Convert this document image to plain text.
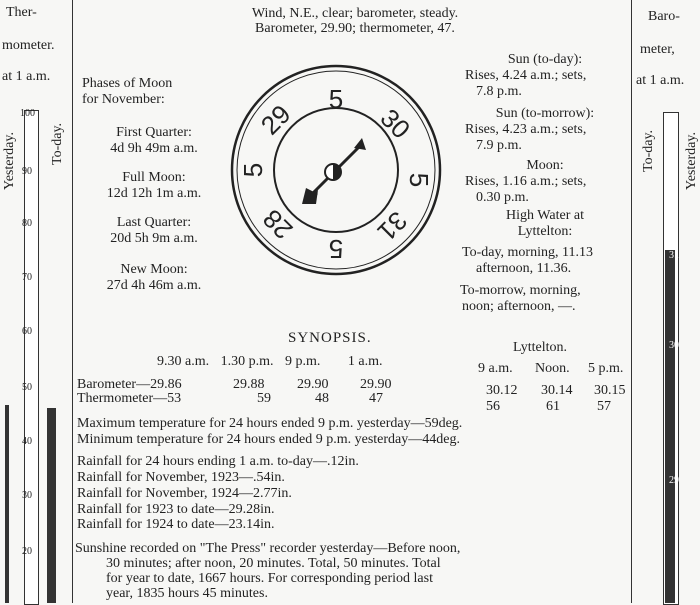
Ther-
mometer.
at 1 a.m.
Yesterday. To-day.
100
90
80
70
60
50
40
30
20
Baro-
meter,
at 1 a.m.
To-day. Yesterday.
31
30
29
Wind, N.E., clear; barometer, steady.
Barometer, 29.90; thermometer, 47.
Phases of Moon
for November:
First Quarter:
4d 9h 49m a.m.
Full Moon:
12d 12h 1m a.m.
Last Quarter:
20d 5h 9m a.m.
New Moon:
27d 4h 46m a.m.
5
30
5
31
5
28
5
29
Sun (to-day):
Rises, 4.24 a.m.; sets,
7.8 p.m.
Sun (to-morrow):
Rises, 4.23 a.m.; sets,
7.9 p.m.
Moon:
Rises, 1.16 a.m.; sets,
0.30 p.m.
High Water at
Lyttelton:
To-day, morning, 11.13
afternoon, 11.36.
To-morrow, morning,
noon; afternoon, —.
SYNOPSIS.
9.30 a.m. 1.30 p.m. 9 p.m. 1 a.m.
Barometer—29.86	29.88 29.90 29.90
Thermometer—53	59	48	47
Lyttelton.
9 a.m. Noon. 5 p.m.
30.12 30.14 30.15
56	61	57
Maximum temperature for 24 hours ended 9 p.m. yesterday—59deg.
Minimum temperature for 24 hours ended 9 p.m. yesterday—44deg.
Rainfall for 24 hours ending 1 a.m. to-day—.12in.
Rainfall for November, 1923—.54in.
Rainfall for November, 1924—2.77in.
Rainfall for 1923 to date—29.28in.
Rainfall for 1924 to date—23.14in.
Sunshine recorded on "The Press" recorder yesterday—Before noon,
30 minutes; after noon, 20 minutes. Total, 50 minutes. Total
for year to date, 1667 hours. For corresponding period last
year, 1835 hours 45 minutes.
